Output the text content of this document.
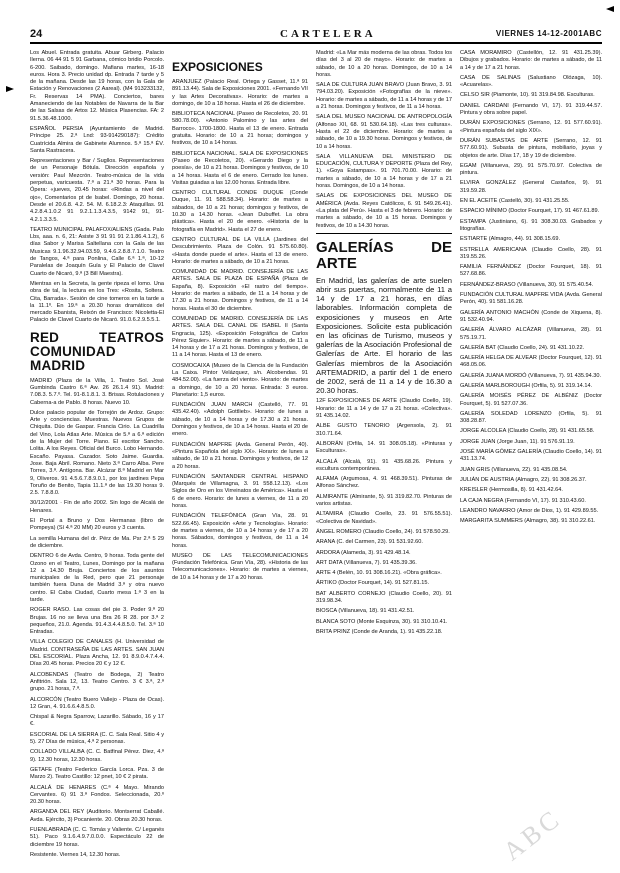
24	CARTELERA	VIERNES 14-12-2001ABC

Los Abuel. Entrada gratuita. Abuar Girberg. Palacio Ilerna. 06 44 91 5 91 Garbana, cómico bridio Porcolo. 6-200. Saibado, domingo. Mafiana martes, 16-18 euros. Hora 3. Precio unidad dp. Entrada 7 tarde y 5 de la mañana. Desde las 19 horas, con la Gala de Estación y Renovaciones (2 Aareal). (M4 913233132, Fr. Reservas 14 PMA). Conciertos, bares Amaneciendo de las Notables de Navarra de la Bar de las Salsas de Artos 12. Música Plasencias. FA: 2 91.5.36.48.1000.

ESPAÑOL PERSIA (Ayuntamiento de Madrid. Príncipe 25. 2.ª Lnd: 93-914290187): Crédito Cuatrícida Almira de Gabinete Alumnos. 5.ª 15.ª ÉV. Santa Rastracera.

Representaciones y Bar / Sugllos. Representaciones de un Personaje Bótula. Dirección española y versión: Paul Mezcrón. Teatro-música de la vida perpetua, varicuesta. 7.ª a 21.ª 30 horas. Para la Ópera: «jueves, 20.45 horas: «Rindas a nivel del ojo», Comentarios pt de Isabel. Domingo, 20 horas. Desde el 20.6.8. 4.2. 54. M. 6.18.2.3: Ataquillas. 91 4.2.8.4.1.0.2 91 9.2.1.1.3.4.3.5, 9142 91, 91-4.2.1.3.3.5.

TEATRO MUNICIPAL PALAFOX/ALIENS (Gada. Palo Lbs, aaa. n. 6, 21: Asiste 3 91 91 91 2.1.86.4.1.2), 6 días Sabor y Marisa Saltellana con la Gala de las Musicas 9.1.96.32.94.03.59, 9.4.6.2.8.8.7.1.0. Teatro de Tangos, 4.ª para Ponlina, Calle 6.ª 1.ª, 10-12 Paralelas de Joaquín Guía y El Palacio de Clavel Cuarto de Nicaró, 9.ª (3 Bill Maestra).

Mientras en la Secreta, la gente ripeza el lomo. Una obra de tal, la lectura en los Tres: «Rosita, Soltera. Cita, Barrada». Sesión de cine tomeros en la tarde a la 11.1º. En 19.ª a 20.30 horas dramáticos del mercado Ebanista, Reixón de Francisco: Nicoletta-El Palacio de Clavel Cuarto de Nicaró. 91.0.6.2.9.5.5.1.

RED TEATROS COMUNIDAD MADRID

MADRID (Plaza de la Villa, 1. Teatro Sol. José Gumbinda Castro 6.ª Aw. 26 26.1.4 91). Madrid: 7.08.3. 5.7.º. Tel. 91-8.1.8.1. 3. Brisas. Rotulaciones y Caberna-a de Pablo. 8 horas. Nuevo 10.

Dulce palacio popular de Torrejón de Ardoz. Grupo: Arte y conciencias. Muestras. Nuevos Grupos de Chiquita. Dúo de Gaspar. Francia Cirio. La Cuadrilla del Vino, Lola Atlas Arte. Música de 5.ª a 6.ª edición de la Mujer del Torre. Piano. El escritor Sancho. Lolita. A los Reyes. Oficial del Burco. Lobo Hernando. Escaño. Payasa. Cazador. Soto Jaime. Guardia. Jose. Baja Abril. Romano. Nieto 3.ª Carro Alba. Pere Torres, 3.ª. Antígona. Bar. Alcázar 8.ª Madrid en Mar 9, Oliveros. 91 4.5.6.7.8.9.0.1, por los jardines Pepa Toruño de Benito, Tapia 11.1.ª de las 19.30 horas 9. 2.5. 7.8.8.0.

30/12/2001 · Fin de año 2002. Sin logo de Alcalá de Henares.

El Portal a Bruno y Dos Hermanas (libro de Pompeya) (Sí 4.ª 20 MM) 20 euros y 3 cuenta.

La semilla Humana del dr. Pérz de Ma. Psr 2.ª 5 29 de diciembre.

DENTRO 6 de Avda. Centro, 9 horas. Toda gente del Ozono en el Teatro, Lunes, Domingo por la mañana 12 a 14.30 Bruja. Conciertos de los asuntos municipales de la Red, pero que 21 personaje también fuera Duna de Madrid 3.ª y otra nuevo centro. El Caba Ciudad, Cuarto mesa 1.ª 3 en la tarde.

ROGER RASO. Las cosas del pie 3. Poder 9.ª 20 Brujas. 16 no se lleva una Bra 26 R 28. por 3.ª 2 pequeños, 21.0. Agenda. 91.4.3.4.4.8.5.0. Tel. 3.ª 10 Entradas.

VILLA COLEGIO DE CANALES (H. Universidad de Madrid. CONTRASEÑA DE LAS ARTES. SAN JUAN DEL ESCORIAL. Plaza Ancha, 12. 91 8.9.0.4.7.4.4. Días 20.45 horas. Precios 20 € y 12 €.

ALCOBENDAS (Teatro de Bodega, 2) Teatro Anfitrión. Sala 12, 13. Teatro Centro. 3 € 3.ª, 2.ª grupo. 21 horas, 7.ª.

ALCORCÓN (Teatro Buero Vallejo - Plaza de Ocas). 12 Gran, 4. 91.6.6.4.8.5.0.

Chispal & Negra Sparrow, Lazarillo. Sábado, 16 y 17 €.

ESCORIAL DE LA SIERRA (C. C. Sala Real. Sitio 4 y 5). 27 Días de música, 4.ª 2 personas.

COLLADO VILLALBA (C. C. Batfinal Pérez. Diez, 4.ª 9). 12.30 horas, 12.30 horas.

GETAFE (Teatro Federico García Lorca. Pza. 3 de Marzo 2). Teatro Castillo: 12 pnet, 10 € 2 pirata.

ALCALÁ DE HENARES (C.ª 4 Mayo. Mirando Cervantes. 6) 91 3.ª Fondos. Seleccionada, 20.º 20.30 horas.

ARGANDA DEL REY (Auditorio. Montserrat Caballé. Avda. Ejército, 3) Pocaniente. 20. Obras 20.30 horas.

FUENLABRADA (C. C. Tomás y Valiente. C/ Leganés 51). Paco 9.1.6.4.9.7.0.0.0. Espectáculo 22 de diciembre 19 horas.

Resistente. Viernes 14, 12.30 horas.

EXPOSICIONES

ARANJUEZ (Palacio Real. Ortega y Gasset, 11.ª 91 891.13.44). Sala de Exposiciones 2001. «Fernando VII y las Artes Decorativas». Horario: de martes a domingo, de 10 a 18 horas. Hasta el 26 de diciembre.

BIBLIOTECA NACIONAL (Paseo de Recoletos, 20. 91 580.78.00). «Antonio Palomino y las artes del Barroco». 1700-1800. Hasta el 13 de enero. Entrada gratuita. Horario: de 10 a 21 horas; domingos y festivos, de 10 a 14 horas.

BIBLIOTECA NACIONAL. SALA DE EXPOSICIONES (Paseo de Recoletos, 20). «Gerardo Diego y la poesía», de 10 a 21 horas. Domingos y festivos, de 10 a 14 horas. Hasta el 6 de enero. Cerrado los lunes. Visitas guiadas a las 12.00 horas. Entrada libre.

CENTRO CULTURAL CONDE DUQUE (Conde Duque, 11. 91 588.58.34). Horario: de martes a sábados, de 10 a 21 horas; domingos y festivos, de 10.30 a 14.30 horas. «Jean Dubuffet. La obra plástica». Hasta el 20 de enero. «Historia de la fotografía en Madrid». Hasta el 27 de enero.

CENTRO CULTURAL DE LA VILLA (Jardines del Descubrimiento. Plaza de Colón. 91 575.60.80). «Hasta donde puede el arte». Hasta el 13 de enero. Horario: de martes a sábado, de 10 a 21 horas.

COMUNIDAD DE MADRID. CONSEJERÍA DE LAS ARTES. SALA DE PLAZA DE ESPAÑA (Plaza de España, 8). Exposición «El rastro del tiempo». Horario: de martes a sábado, de 11 a 14 horas y de 17.30 a 21 horas. Domingos y festivos, de 11 a 14 horas. Hasta el 30 de diciembre.

COMUNIDAD DE MADRID. CONSEJERÍA DE LAS ARTES. SALA DEL CANAL DE ISABEL II (Santa Engracia, 125). «Exposición Fotográfica de Carlos Pérez Siquier». Horario: de martes a sábado, de 11 a 14 horas y de 17 a 21 horas. Domingos y festivos, de 11 a 14 horas. Hasta el 13 de enero.

COSMOCAIXA (Museo de la Ciencia de la Fundación La Caixa. Pintor Velázquez, s/n. Alcobendas. 91 484.52.00). «La fuerza del viento». Horario: de martes a domingo, de 10 a 20 horas. Entrada: 3 euros. Planetario: 1,5 euros.

FUNDACIÓN JUAN MARCH (Castelló, 77. 91 435.42.40). «Adolph Gottlieb». Horario: de lunes a sábado, de 10 a 14 horas y de 17.30 a 21 horas. Domingos y festivos, de 10 a 14 horas. Hasta el 20 de enero.

FUNDACIÓN MAPFRE (Avda. General Perón, 40). «Pintura Española del siglo XX». Horario: de lunes a sábado, de 10 a 21 horas. Domingos y festivos, de 12 a 20 horas.

FUNDACIÓN SANTANDER CENTRAL HISPANO (Marqués de Villamagna, 3. 91 558.12.13). «Los Siglos de Oro en los Virreinatos de América». Hasta el 6 de enero. Horario: de lunes a viernes, de 11 a 20 horas.

FUNDACIÓN TELEFÓNICA (Gran Vía, 28. 91 522.66.45). Exposición «Arte y Tecnología». Horario: de martes a viernes, de 10 a 14 horas y de 17 a 20 horas. Sábados, domingos y festivos, de 11 a 14 horas.

MUSEO DE LAS TELECOMUNICACIONES (Fundación Telefónica. Gran Vía, 28). «Historia de las Telecomunicaciones». Horario: de martes a viernes, de 10 a 14 horas y de 17 a 20 horas.

Madrid: «La Mar más moderna de las obras. Todos los días del 3 al 20 de mayo». Horario: de martes a sábado, de 10 a 20 horas. Domingos, de 10 a 14 horas.

SALA DE CULTURA JUAN BRAVO (Juan Bravo, 3. 91 794.03.20). Exposición «Fotografías de la nieve». Horario: de martes a sábado, de 11 a 14 horas y de 17 a 21 horas. Domingos y festivos, de 11 a 14 horas.

SALA DEL MUSEO NACIONAL DE ANTROPOLOGÍA (Alfonso XII, 68. 91 530.64.18). «Las tres culturas». Hasta el 22 de diciembre. Horario: de martes a sábado, de 10 a 19.30 horas. Domingos y festivos, de 10 a 14 horas.

SALA VILLANUEVA DEL MINISTERIO DE EDUCACIÓN, CULTURA Y DEPORTE (Plaza del Rey, 1). «Goya Estampas». 91 701.70.00. Horario: de martes a sábado, de 10 a 14 horas y de 17 a 21 horas. Domingos, de 10 a 14 horas.

SALAS DE EXPOSICIONES DEL MUSEO DE AMÉRICA (Avda. Reyes Católicos, 6. 91 549.26.41). «La plata del Perú». Hasta el 3 de febrero. Horario: de martes a sábado, de 10 a 15 horas. Domingos y festivos, de 10 a 14.30 horas.

GALERÍAS DE ARTE

En Madrid, las galerías de arte suelen abrir sus puertas, normalmente de 11 a 14 y de 17 a 21 horas, en días laborables. Información completa de exposiciones y museos en Arte Exposiciones. Solicite esta publicación en las oficinas de Turismo, museos y galerías de la Asociación Profesional de Galerías de Arte. El horario de las Galerías miembros de la Asociación ARTEMADRID, a partir del 1 de enero de 2002, será de 11 a 14 y de 16.30 a 20.30 horas.

12F EXPOSICIONES DE ARTE (Claudio Coello, 19). Horario: de 11 a 14 y de 17 a 21 horas. «Colectiva». 91 435.14.02.

ALBE GUSTO TENORIO (Argensola, 2). 91 310.71.64.

ALBORÁN (Orfila, 14. 91 308.05.18). «Pinturas y Esculturas».

ALCALÁ (Alcalá, 91). 91 435.68.26. Pintura y escultura contemporánea.

ALFAMA (Argumosa, 4. 91 468.39.51). Pinturas de Alfonso Sánchez.

ALMIRANTE (Almirante, 5). 91 319.82.70. Pinturas de varios artistas.

ALTAMIRA (Claudio Coello, 23. 91 576.55.51). «Colectiva de Navidad».

ÁNGEL ROMERO (Claudio Coello, 24). 91 578.50.29.

ARANA (C. del Carmen, 23). 91 531.92.60.

ARDORA (Alameda, 3). 91 429.48.14.

ART DATA (Villanueva, 7). 91 435.39.36.

ARTE 4 (Belén, 10. 91 308.16.21). «Obra gráfica».

ÁRTIKO (Doctor Fourquet, 14). 91 527.81.15.

BAT ALBERTO CORNEJO (Claudio Coello, 20). 91 319.98.34.

BIOSCA (Villanueva, 18). 91 431.42.51.

BLANCA SOTO (Monte Esquinza, 30). 91 310.10.41.

BRITA PRINZ (Conde de Aranda, 1). 91 435.22.18.

CASA MORAMIRÓ (Castellón, 12. 91 431.25.39). Dibujos y grabados. Horario: de martes a sábado, de 11 a 14 y de 17 a 21 horas.

CASA DE SALINAS (Salustiano Olózaga, 10). «Acuarelas».

CELSO SIR (Piamonte, 10). 91 319.84.98. Esculturas.

DANIEL CARDANI (Fernando VI, 17). 91 319.44.57. Pintura y obra sobre papel.

DURÁN EXPOSICIONES (Serrano, 12. 91 577.60.91). «Pintura española del siglo XIX».

DURÁN SUBASTAS DE ARTE (Serrano, 12. 91 577.60.91). Subasta de pintura, mobiliario, joyas y objetos de arte. Días 17, 18 y 19 de diciembre.

EGAM (Villanueva, 29). 91 575.70.97. Colectiva de pintura.

ELVIRA GONZÁLEZ (General Castaños, 9). 91 319.59.28.

EN EL ACEITE (Castelló, 30). 91 431.25.55.

ESPACIO MÍNIMO (Doctor Fourquet, 17). 91 467.61.89.

ESTAMPA (Justiniano, 6). 91 308.30.03. Grabados y litografías.

ESTIARTE (Almagro, 44). 91 308.15.69.

ESTRELLA AMERICANA (Claudio Coello, 28). 91 319.55.26.

FAMILIA FERNÁNDEZ (Doctor Fourquet, 18). 91 527.68.86.

FERNÁNDEZ-BRASO (Villanueva, 30). 91 575.40.54.

FUNDACIÓN CULTURAL MAPFRE VIDA (Avda. General Perón, 40). 91 581.16.28.

GALERÍA ANTONIO MACHÓN (Conde de Xiquena, 8). 91 532.40.94.

GALERÍA ÁLVARO ALCÁZAR (Villanueva, 28). 91 575.19.71.

GALERÍA BAT (Claudio Coello, 24). 91 431.10.22.

GALERÍA HELGA DE ALVEAR (Doctor Fourquet, 12). 91 468.05.06.

GALERÍA JUANA MORDÓ (Villanueva, 7). 91 435.94.30.

GALERÍA MARLBOROUGH (Orfila, 5). 91 319.14.14.

GALERÍA MOISÉS PÉREZ DE ALBÉNIZ (Doctor Fourquet, 5). 91 527.07.36.

GALERÍA SOLEDAD LORENZO (Orfila, 5). 91 308.28.87.

JORGE ALCOLEA (Claudio Coello, 28). 91 431.65.58.

JORGE JUAN (Jorge Juan, 11). 91 576.91.19.

JOSÉ MARÍA GÓMEZ GALERÍA (Claudio Coello, 14). 91 431.13.74.

JUAN GRIS (Villanueva, 22). 91 435.08.54.

JULIÁN DE AUSTRIA (Almagro, 22). 91 308.26.37.

KREISLER (Hermosilla, 8). 91 431.42.64.

LA CAJA NEGRA (Fernando VI, 17). 91 310.43.60.

LEANDRO NAVARRO (Amor de Dios, 1). 91 429.89.55.

MARGARITA SUMMERS (Almagro, 38). 91 310.22.61.

ABC
